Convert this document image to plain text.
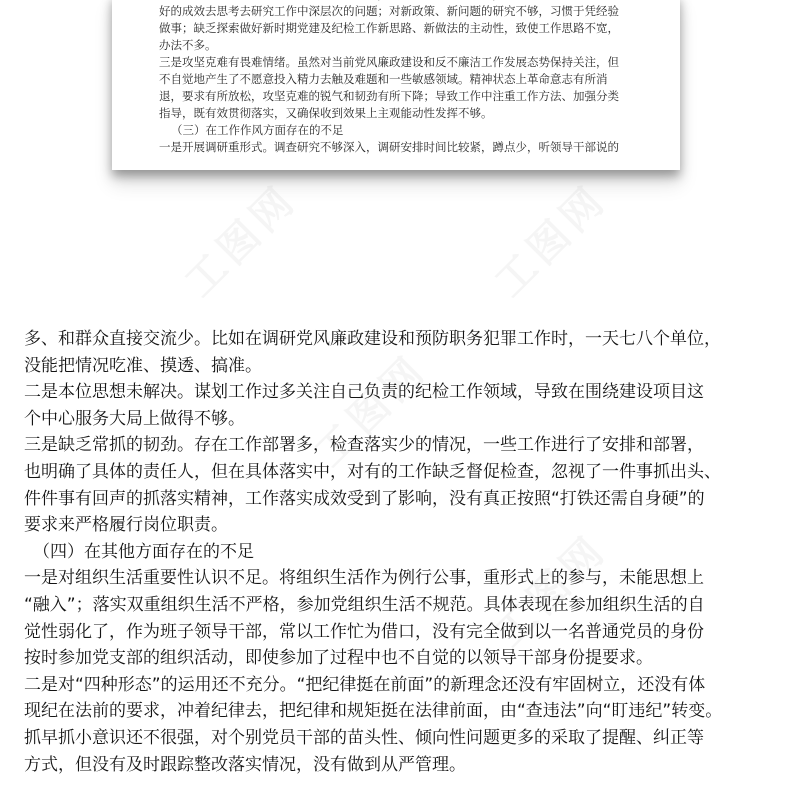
工图网	工图网
工图网
工图网
好的成效去思考去研究工作中深层次的问题；对新政策、新问题的研究不够，习惯于凭经验
做事；缺乏探索做好新时期党建及纪检工作新思路、新做法的主动性，致使工作思路不宽，
办法不多。
三是攻坚克难有畏难情绪。虽然对当前党风廉政建设和反不廉洁工作发展态势保持关注，但
不自觉地产生了不愿意投入精力去触及难题和一些敏感领域。精神状态上革命意志有所消
退，要求有所放松，攻坚克难的锐气和韧劲有所下降；导致工作中注重工作方法、加强分类
指导，既有效贯彻落实，又确保收到效果上主观能动性发挥不够。
（三）在工作作风方面存在的不足
一是开展调研重形式。调查研究不够深入，调研安排时间比较紧，蹲点少，听领导干部说的
多、和群众直接交流少。比如在调研党风廉政建设和预防职务犯罪工作时，一天七八个单位，
没能把情况吃准、摸透、搞准。
二是本位思想未解决。谋划工作过多关注自己负责的纪检工作领域，导致在围绕建设项目这
个中心服务大局上做得不够。
三是缺乏常抓的韧劲。存在工作部署多，检查落实少的情况，一些工作进行了安排和部署，
也明确了具体的责任人，但在具体落实中，对有的工作缺乏督促检查，忽视了一件事抓出头、
件件事有回声的抓落实精神，工作落实成效受到了影响，没有真正按照“打铁还需自身硬”的
要求来严格履行岗位职责。
（四）在其他方面存在的不足
一是对组织生活重要性认识不足。将组织生活作为例行公事，重形式上的参与，未能思想上
“融入”；落实双重组织生活不严格，参加党组织生活不规范。具体表现在参加组织生活的自
觉性弱化了，作为班子领导干部，常以工作忙为借口，没有完全做到以一名普通党员的身份
按时参加党支部的组织活动，即使参加了过程中也不自觉的以领导干部身份提要求。
二是对“四种形态”的运用还不充分。“把纪律挺在前面”的新理念还没有牢固树立，还没有体
现纪在法前的要求，冲着纪律去，把纪律和规矩挺在法律前面，由“查违法”向“盯违纪”转变。
抓早抓小意识还不很强，对个别党员干部的苗头性、倾向性问题更多的采取了提醒、纠正等
方式，但没有及时跟踪整改落实情况，没有做到从严管理。
